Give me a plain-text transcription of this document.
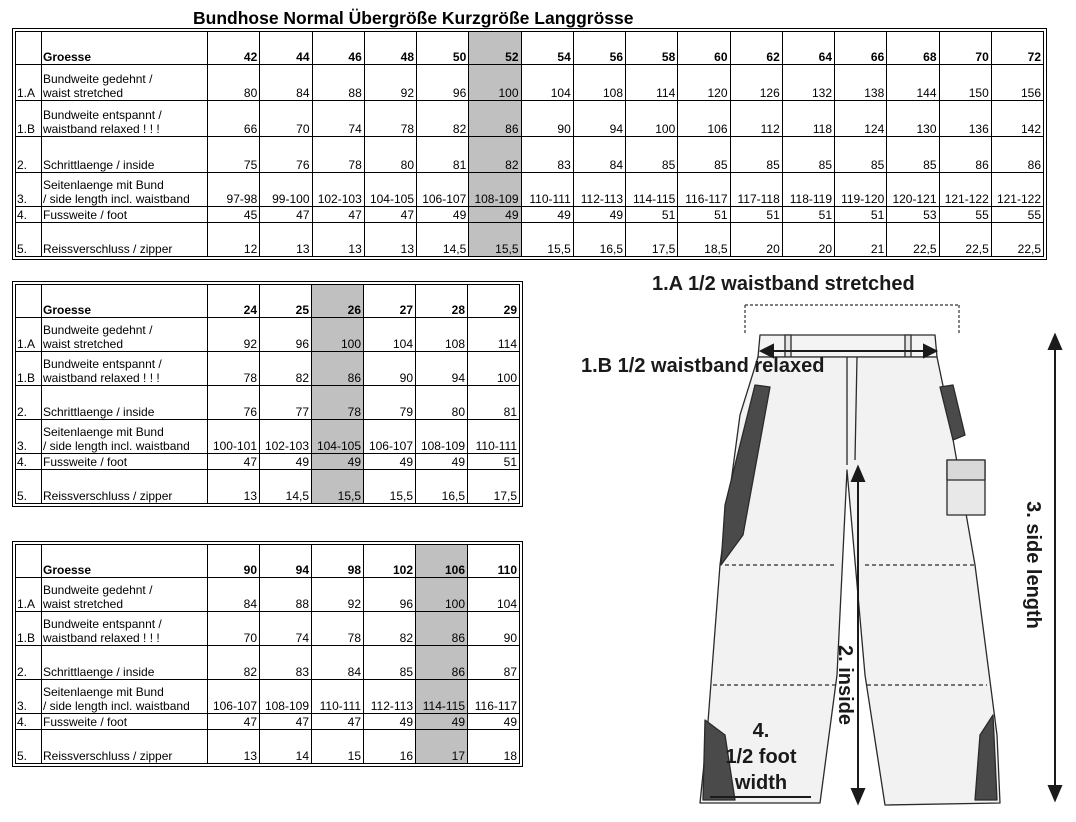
Bundhose Normal Übergröße Kurzgröße Langgrösse
	Groesse	42	44	46	48	50	52	54	56	58	60	62	64	66	68	70	72
1.A	Bundweite gedehnt /
waist stretched	80	84	88	92	96	100	104	108	114	120	126	132	138	144	150	156
1.B	Bundweite entspannt /
waistband relaxed ! ! !	66	70	74	78	82	86	90	94	100	106	112	118	124	130	136	142
2.	Schrittlaenge / inside	75	76	78	80	81	82	83	84	85	85	85	85	85	85	86	86
3.	Seitenlaenge mit Bund
/ side length incl. waistband	97-98	99-100	102-103	104-105	106-107	108-109	110-111	112-113	114-115	116-117	117-118	118-119	119-120	120-121	121-122	121-122
4.	Fussweite / foot	45	47	47	47	49	49	49	49	51	51	51	51	51	53	55	55
5.	Reissverschluss / zipper	12	13	13	13	14,5	15,5	15,5	16,5	17,5	18,5	20	20	21	22,5	22,5	22,5
	Groesse	24	25	26	27	28	29
1.A	Bundweite gedehnt /
waist stretched	92	96	100	104	108	114
1.B	Bundweite entspannt /
waistband relaxed ! ! !	78	82	86	90	94	100
2.	Schrittlaenge / inside	76	77	78	79	80	81
3.	Seitenlaenge mit Bund
/ side length incl. waistband	100-101	102-103	104-105	106-107	108-109	110-111
4.	Fussweite / foot	47	49	49	49	49	51
5.	Reissverschluss / zipper	13	14,5	15,5	15,5	16,5	17,5
	Groesse	90	94	98	102	106	110
1.A	Bundweite gedehnt /
waist stretched	84	88	92	96	100	104
1.B	Bundweite entspannt /
waistband relaxed ! ! !	70	74	78	82	86	90
2.	Schrittlaenge / inside	82	83	84	85	86	87
3.	Seitenlaenge mit Bund
/ side length incl. waistband	106-107	108-109	110-111	112-113	114-115	116-117
4.	Fussweite / foot	47	47	47	49	49	49
5.	Reissverschluss / zipper	13	14	15	16	17	18
1.A 1/2 waistband stretched
1.B 1/2 waistband relaxed
3. side length
2. inside
4.
1/2 foot
width
